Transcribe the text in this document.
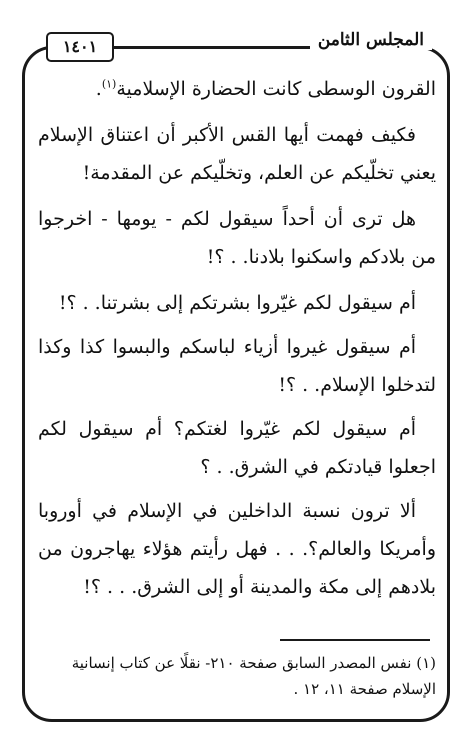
١٤٠١	المجلس الثامن

القرون الوسطى كانت الحضارة الإسلامية$^{(١)}$.

فكيف فهمت أيها القس الأكبر أن اعتناق الإسلام يعني تخلّيكم عن العلم، وتخلّيكم عن المقدمة!

هل ترى أن أحداً سيقول لكم - يومها - اخرجوا من بلادكم واسكنوا بلادنا. . ؟!

أم سيقول لكم غيّروا بشرتكم إلى بشرتنا. . ؟!

أم سيقول غيروا أزياء لباسكم والبسوا كذا وكذا لتدخلوا الإسلام. . ؟!

أم سيقول لكم غيّروا لغتكم؟ أم سيقول لكم اجعلوا قيادتكم في الشرق. . ؟

ألا ترون نسبة الداخلين في الإسلام في أوروبا وأمريكا والعالم؟. . . فهل رأيتم هؤلاء يهاجرون من بلادهم إلى مكة والمدينة أو إلى الشرق. . . ؟!

(١) نفس المصدر السابق صفحة ٢١٠- نقلًا عن كتاب إنسانية الإسلام صفحة ١١، ١٢ .
